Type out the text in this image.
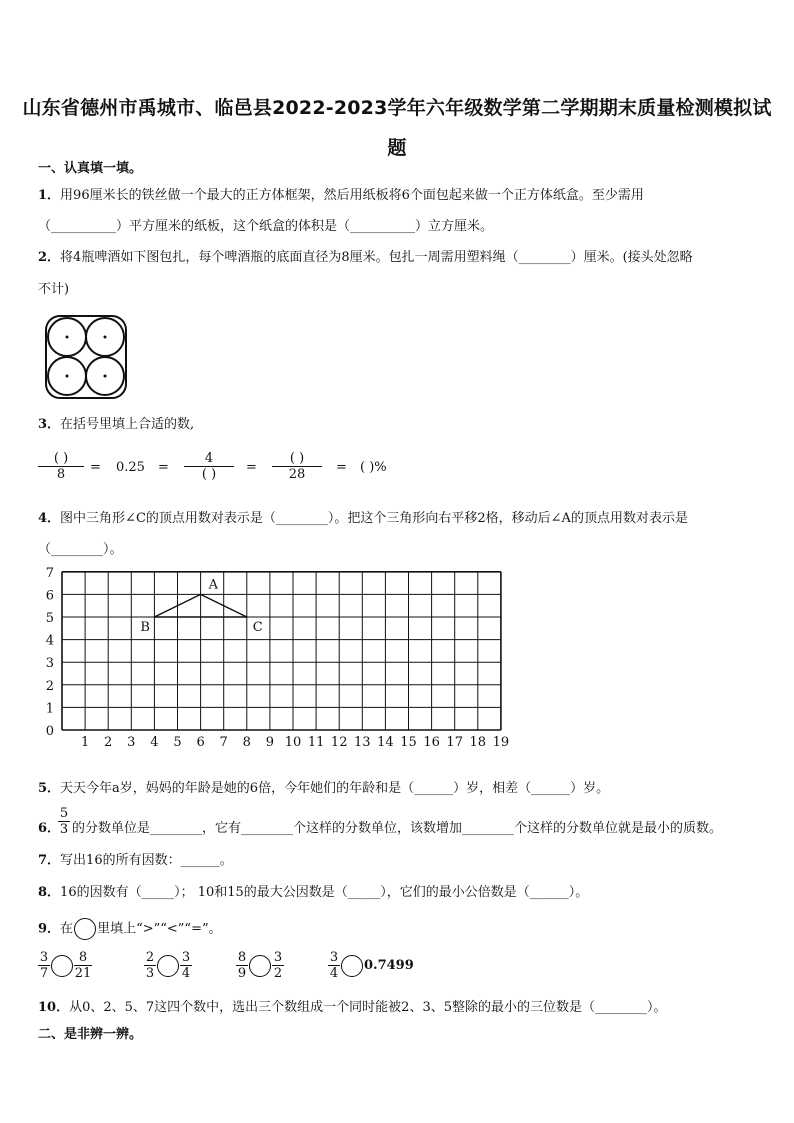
山东省德州市禹城市、临邑县2022-2023学年六年级数学第二学期期末质量检测模拟试
题
一、认真填一填。
1．用96厘米长的铁丝做一个最大的正方体框架，然后用纸板将6个面包起来做一个正方体纸盒。至少需用
（__________）平方厘米的纸板，这个纸盒的体积是（__________）立方厘米。
2．将4瓶啤酒如下图包扎，每个啤酒瓶的底面直径为8厘米。包扎一周需用塑料绳（________）厘米。(接头处忽略
不计)
3．在括号里填上合适的数,
( )
8	= 0.25 =
4
( )	=
( )
28	= ( )%
4．图中三角形∠C的顶点用数对表示是（________）。把这个三角形向右平移2格，移动后∠A的顶点用数对表示是
（________）。
1 2 3 4 5 6 7 8 9 10 11 12 13 14 15 16 17 18 19
0
1
2
3
4
5
6
7
A
B	C
5．天天今年a岁，妈妈的年龄是她的6倍，今年她们的年龄和是（______）岁，相差（______）岁。
6．
$\frac{5}{3}$ 的分数单位是________，它有________个这样的分数单位，该数增加________个这样的分数单位就是最小的质数。
7．写出16的所有因数：______。
8．16的因数有（_____）； 10和15的最大公因数是（_____），它们的最小公倍数是（______）。
9．在 里填上“>”“<”“=”。
$\frac{3}{7} \frac{8}{21}$	$\frac{2}{3} \frac{3}{4}$	$\frac{8}{9} \frac{3}{2}$	$\frac{3}{4} 0.7499$
10．从0、2、5、7这四个数中，选出三个数组成一个同时能被2、3、5整除的最小的三位数是（________）。
二、是非辨一辨。
